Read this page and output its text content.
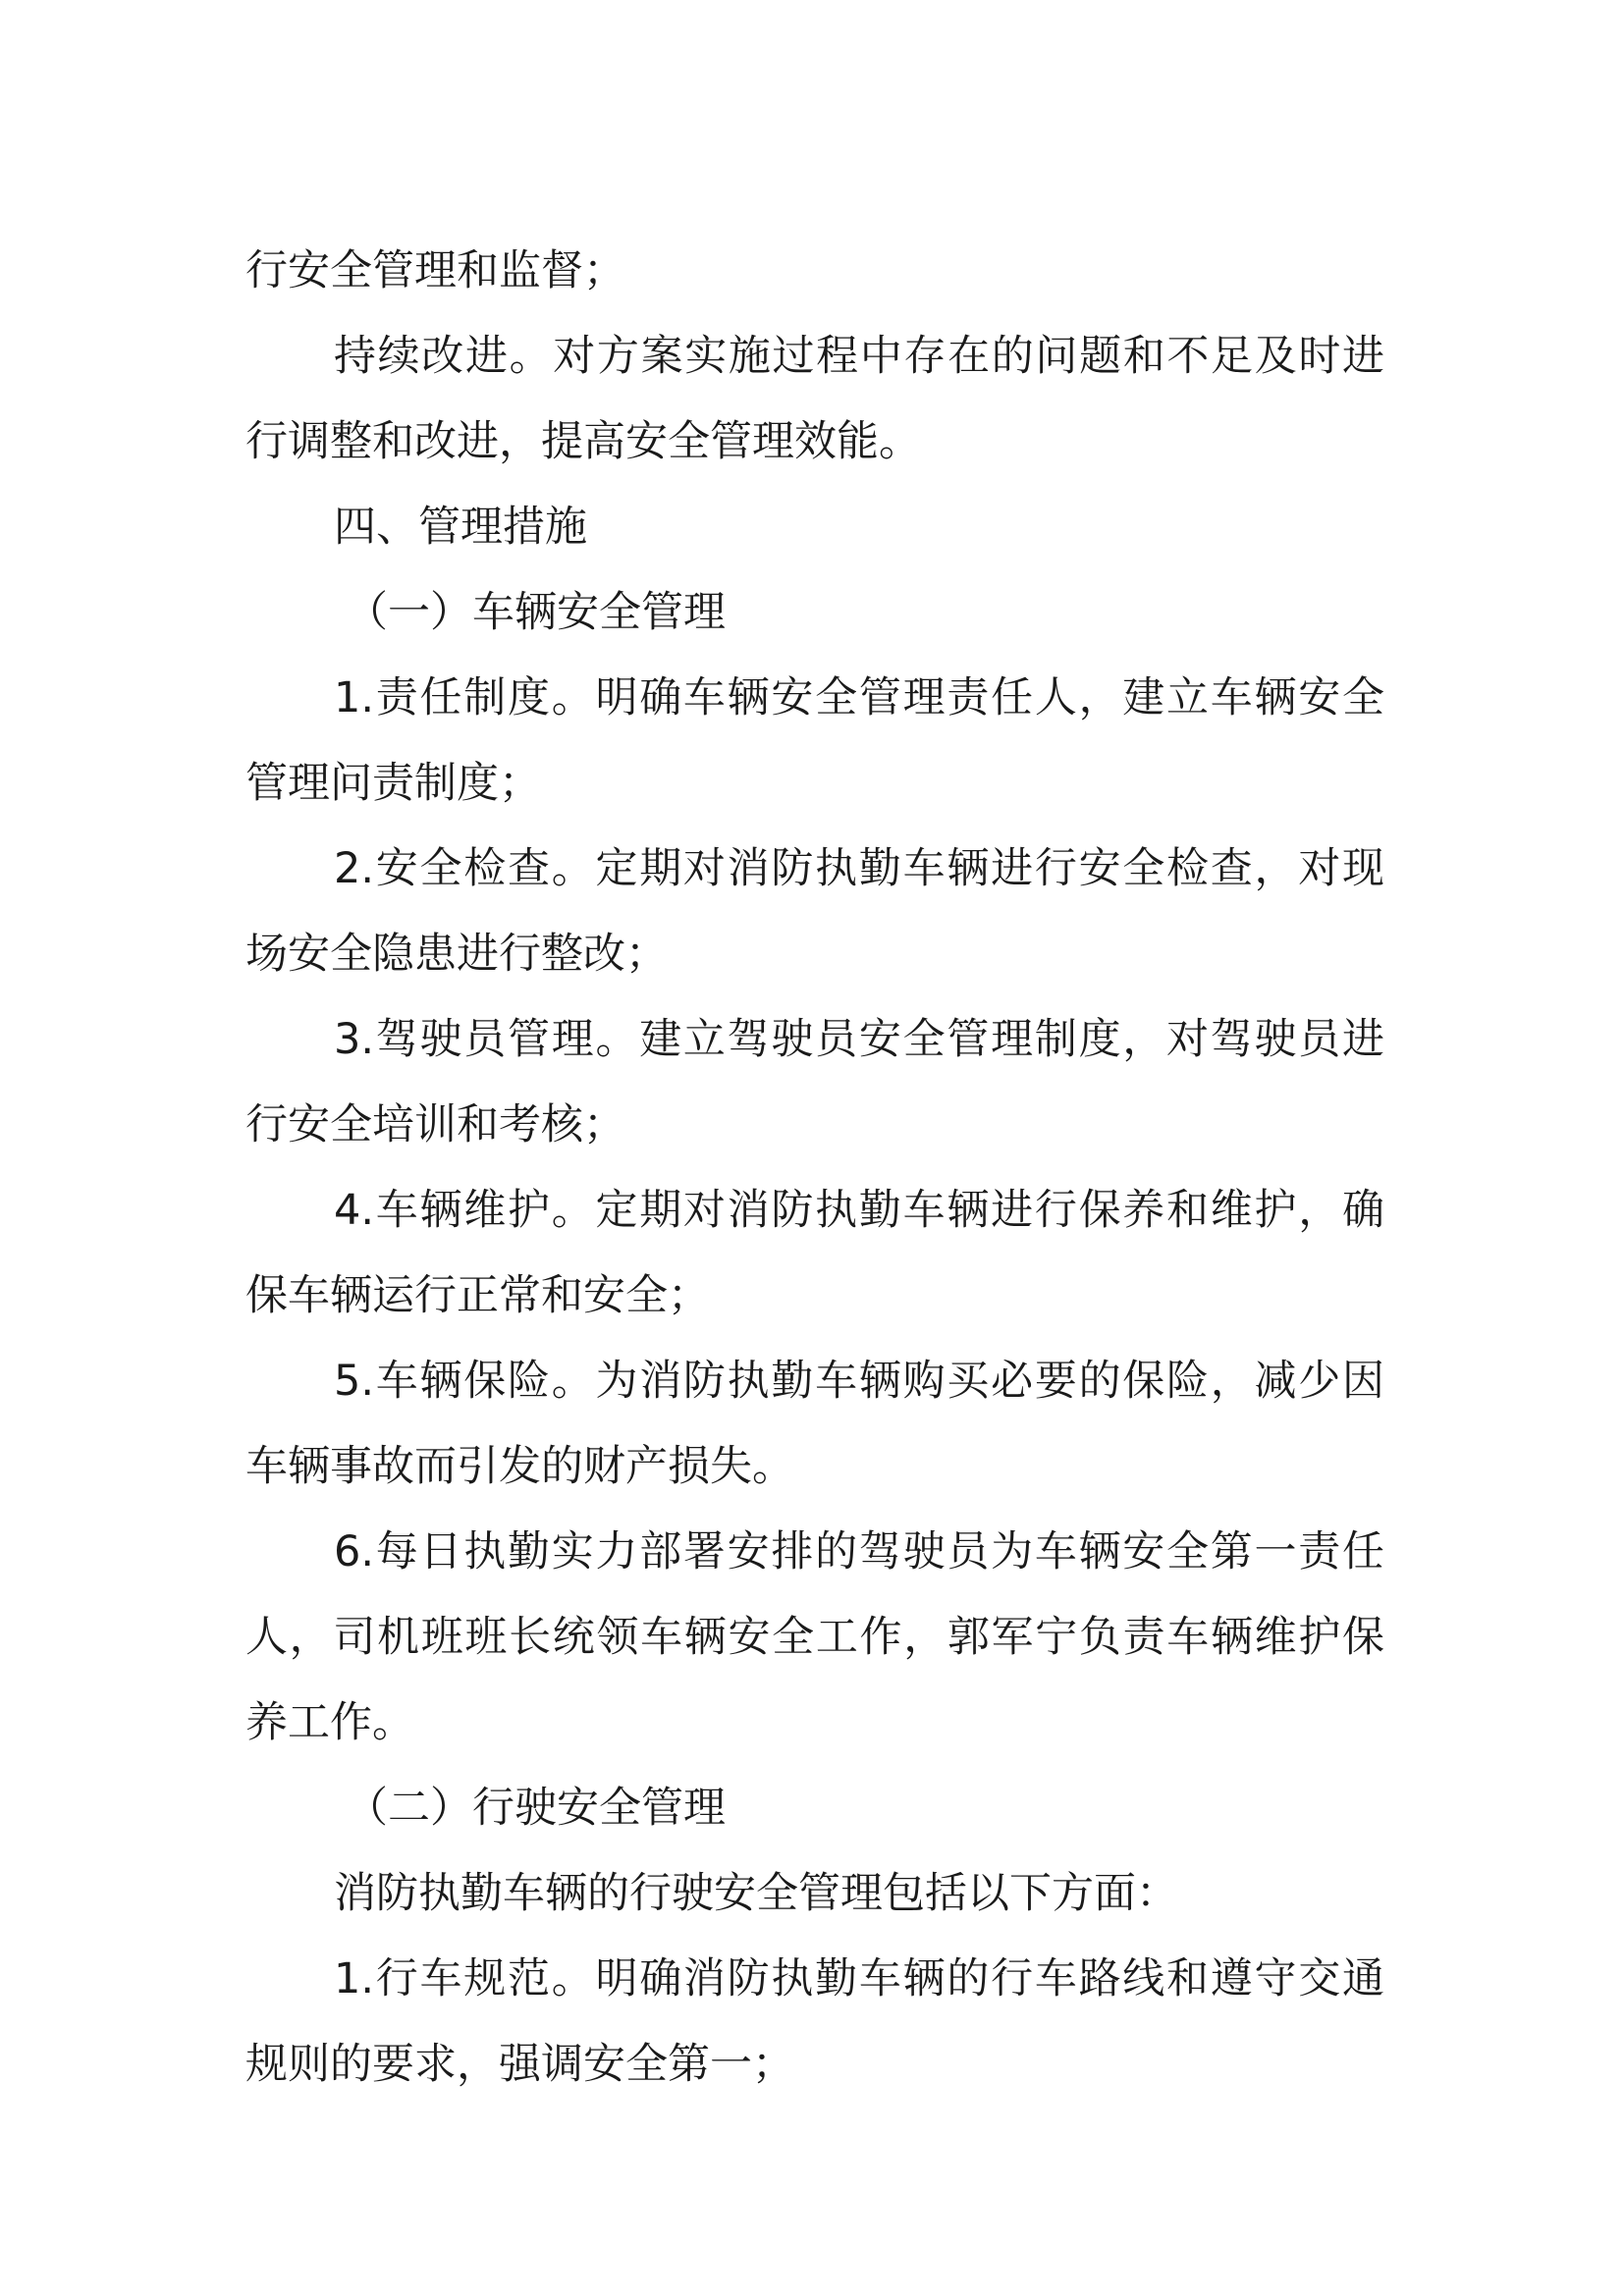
行安全管理和监督；

持续改进。对方案实施过程中存在的问题和不足及时进行调整和改进，提高安全管理效能。

四、管理措施

（一）车辆安全管理

1.责任制度。明确车辆安全管理责任人，建立车辆安全管理问责制度；

2.安全检查。定期对消防执勤车辆进行安全检查，对现场安全隐患进行整改；

3.驾驶员管理。建立驾驶员安全管理制度，对驾驶员进行安全培训和考核；

4.车辆维护。定期对消防执勤车辆进行保养和维护，确保车辆运行正常和安全；

5.车辆保险。为消防执勤车辆购买必要的保险，减少因车辆事故而引发的财产损失。

6.每日执勤实力部署安排的驾驶员为车辆安全第一责任人，司机班班长统领车辆安全工作，郭军宁负责车辆维护保养工作。

（二）行驶安全管理

消防执勤车辆的行驶安全管理包括以下方面：

1.行车规范。明确消防执勤车辆的行车路线和遵守交通规则的要求，强调安全第一；
